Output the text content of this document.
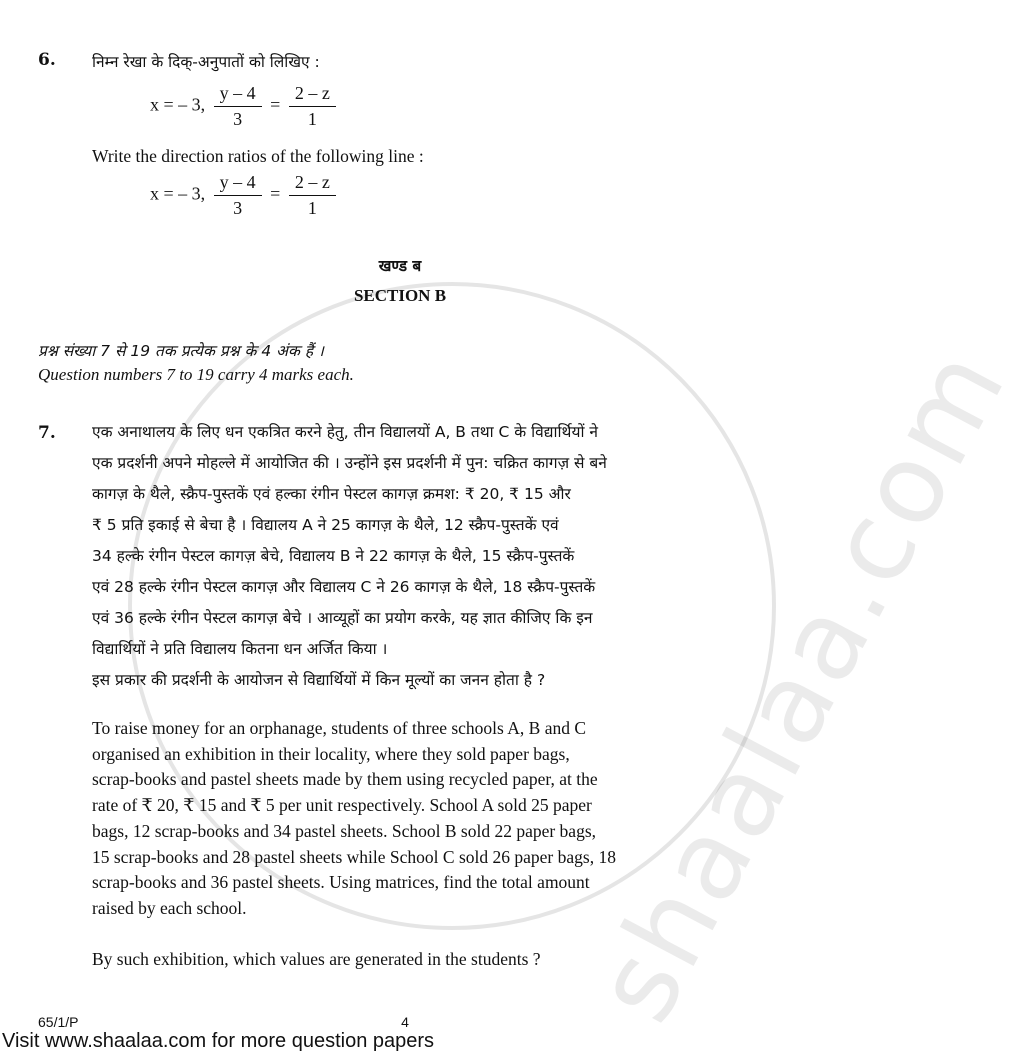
shaalaa.com
6. निम्न रेखा के दिक्-अनुपातों को लिखिए :
x = – 3, $\frac{y - 4}{3} = \frac{2 - z}{1}$
Write the direction ratios of the following line :
x = – 3, $\frac{y - 4}{3} = \frac{2 - z}{1}$
खण्ड ब
SECTION B
प्रश्न संख्या 7 से 19 तक प्रत्येक प्रश्न के 4 अंक हैं ।
Question numbers 7 to 19 carry 4 marks each.
7. एक अनाथालय के लिए धन एकत्रित करने हेतु, तीन विद्यालयों A, B तथा C के विद्यार्थियों ने
एक प्रदर्शनी अपने मोहल्ले में आयोजित की । उन्होंने इस प्रदर्शनी में पुन: चक्रित कागज़ से बने
कागज़ के थैले, स्क्रैप-पुस्तकें एवं हल्का रंगीन पेस्टल कागज़ क्रमश: ₹ 20, ₹ 15 और
₹ 5 प्रति इकाई से बेचा है । विद्यालय A ने 25 कागज़ के थैले, 12 स्क्रैप-पुस्तकें एवं
34 हल्के रंगीन पेस्टल कागज़ बेचे, विद्यालय B ने 22 कागज़ के थैले, 15 स्क्रैप-पुस्तकें
एवं 28 हल्के रंगीन पेस्टल कागज़ और विद्यालय C ने 26 कागज़ के थैले, 18 स्क्रैप-पुस्तकें
एवं 36 हल्के रंगीन पेस्टल कागज़ बेचे । आव्यूहों का प्रयोग करके, यह ज्ञात कीजिए कि इन
विद्यार्थियों ने प्रति विद्यालय कितना धन अर्जित किया ।
इस प्रकार की प्रदर्शनी के आयोजन से विद्यार्थियों में किन मूल्यों का जनन होता है ?
To raise money for an orphanage, students of three schools A, B and C
organised an exhibition in their locality, where they sold paper bags,
scrap-books and pastel sheets made by them using recycled paper, at the
rate of ₹ 20, ₹ 15 and ₹ 5 per unit respectively. School A sold 25 paper
bags, 12 scrap-books and 34 pastel sheets. School B sold 22 paper bags,
15 scrap-books and 28 pastel sheets while School C sold 26 paper bags, 18
scrap-books and 36 pastel sheets. Using matrices, find the total amount
raised by each school.
By such exhibition, which values are generated in the students ?
65/1/P	4
Visit www.shaalaa.com for more question papers
